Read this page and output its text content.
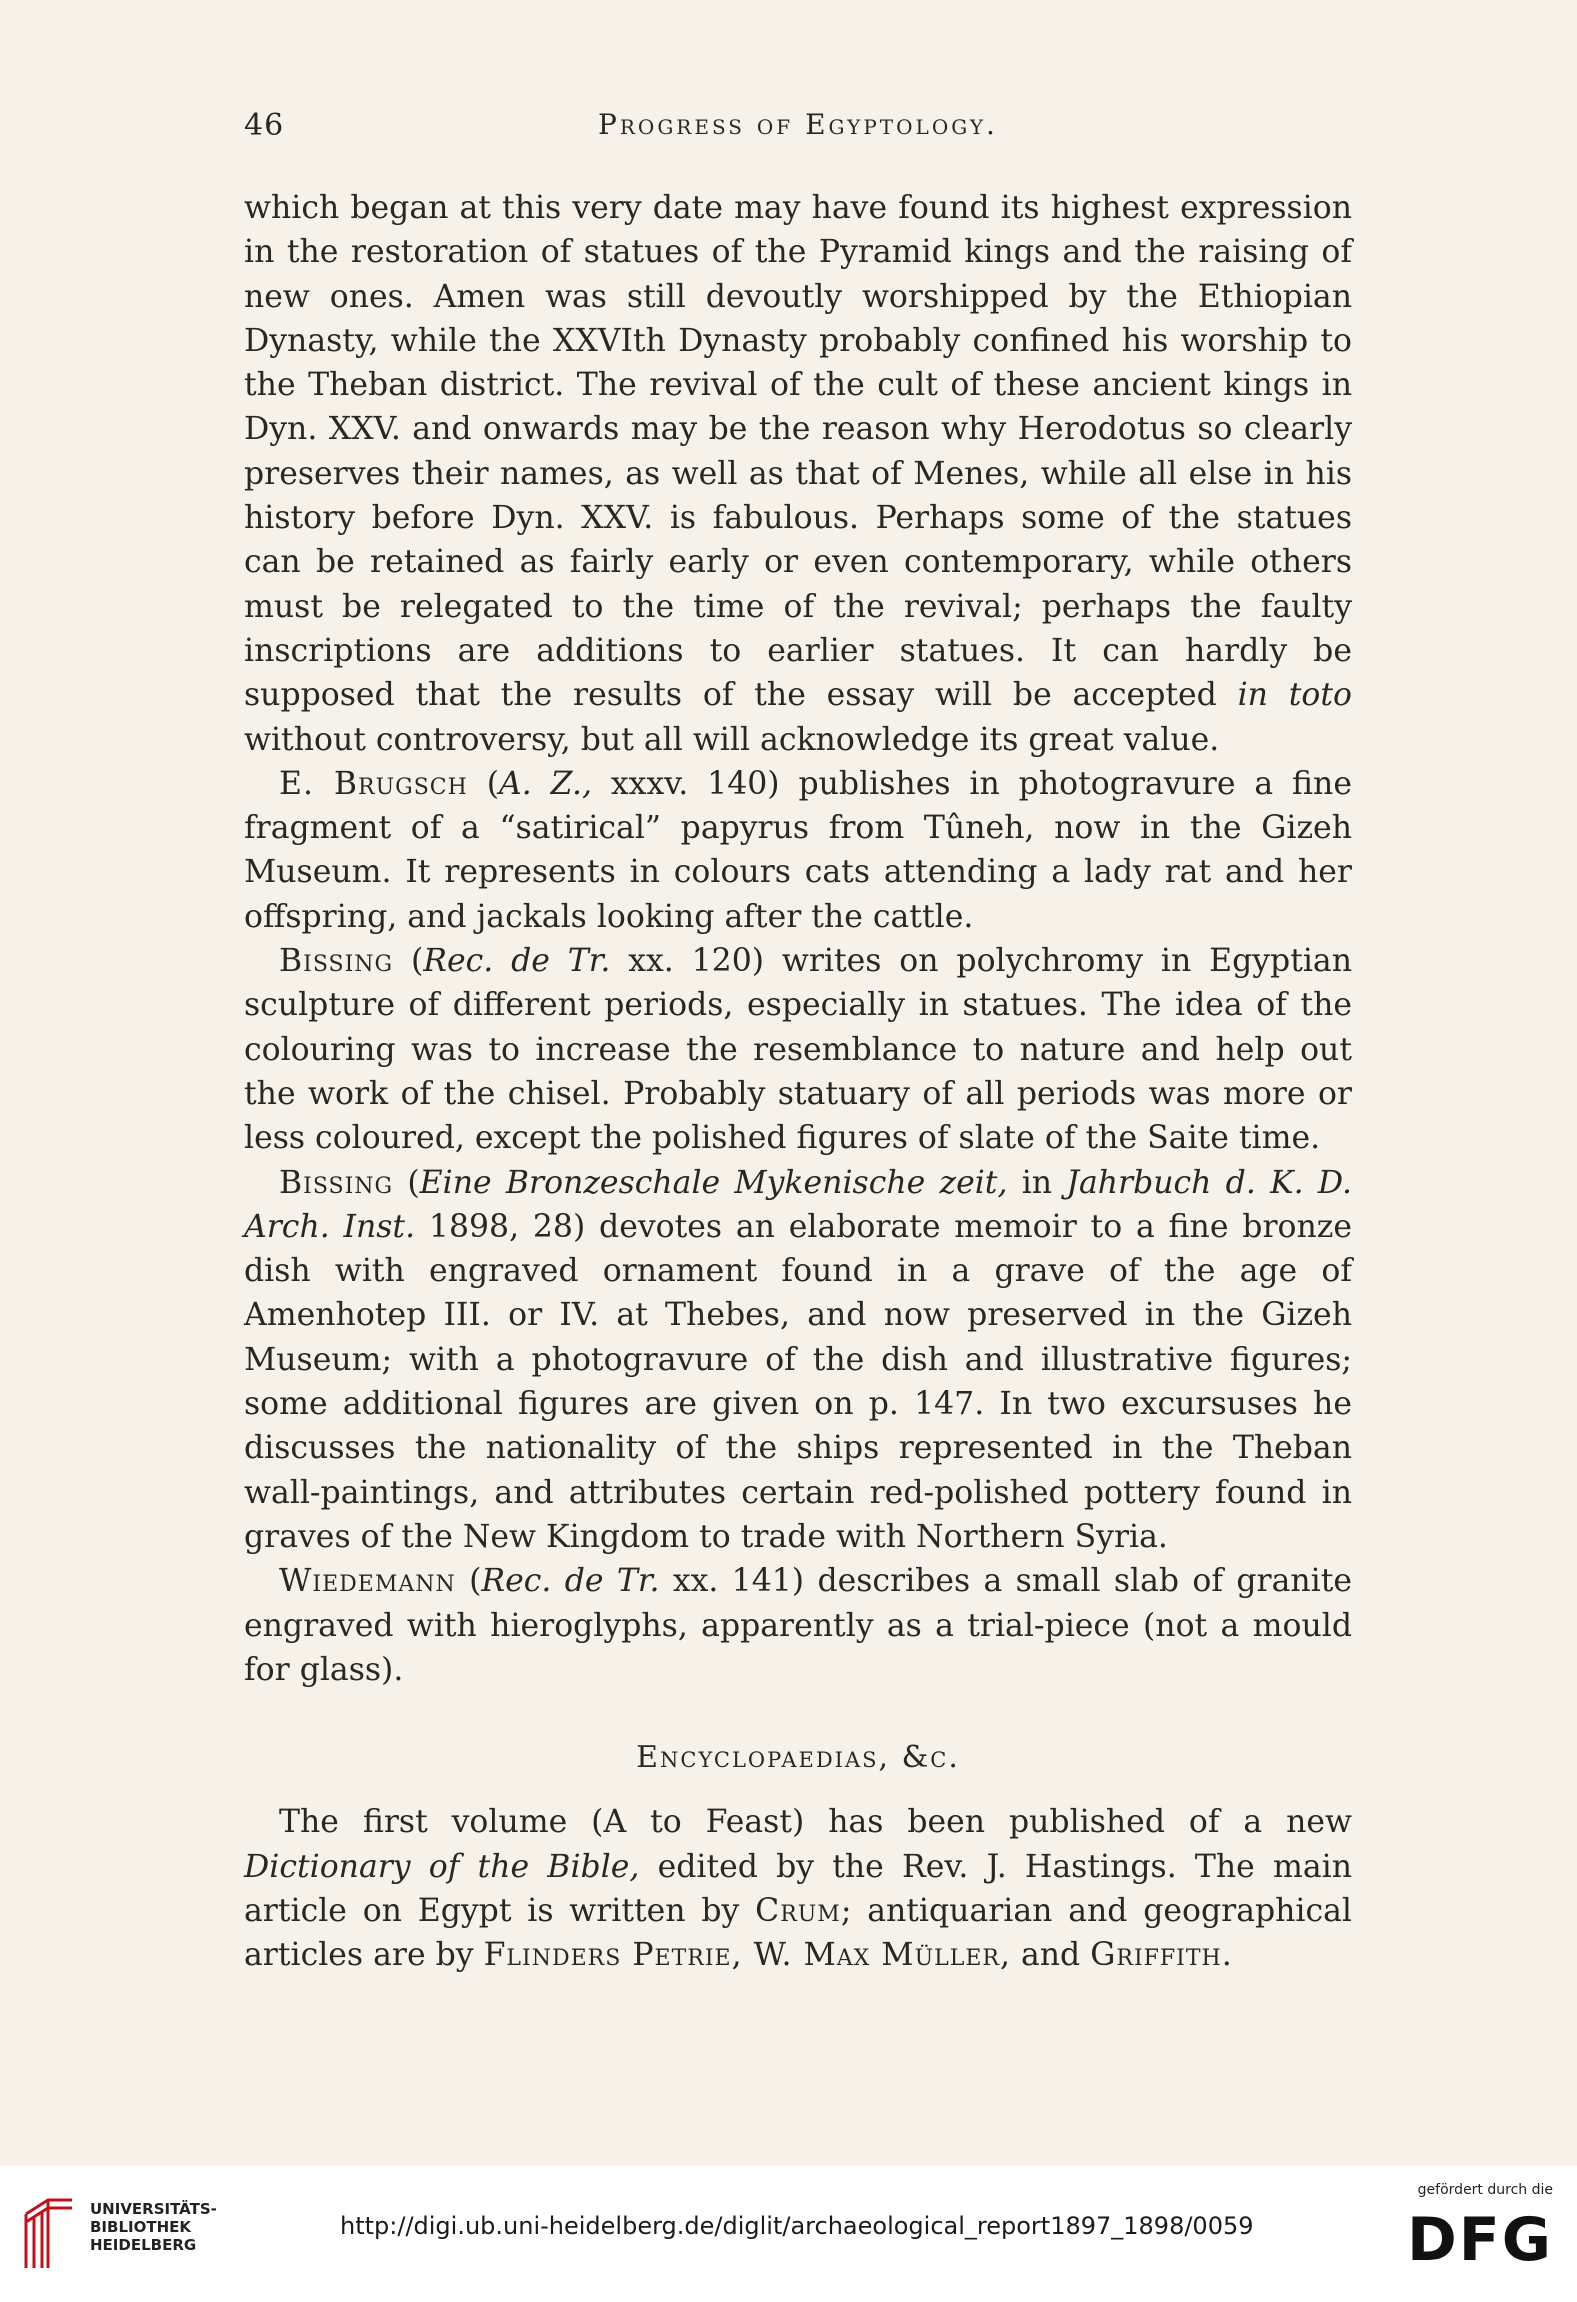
46	Progress of Egyptology.

which began at this very date may have found its highest expression in the restoration of statues of the Pyramid kings and the raising of new ones. Amen was still devoutly worshipped by the Ethiopian Dynasty, while the XXVIth Dynasty probably confined his worship to the Theban district. The revival of the cult of these ancient kings in Dyn. XXV. and onwards may be the reason why Herodotus so clearly preserves their names, as well as that of Menes, while all else in his history before Dyn. XXV. is fabulous. Perhaps some of the statues can be retained as fairly early or even contemporary, while others must be relegated to the time of the revival; perhaps the faulty inscriptions are additions to earlier statues. It can hardly be supposed that the results of the essay will be accepted in toto without controversy, but all will acknowledge its great value.

E. Brugsch (A. Z., xxxv. 140) publishes in photogravure a fine fragment of a “satirical” papyrus from Tûneh, now in the Gizeh Museum. It represents in colours cats attending a lady rat and her offspring, and jackals looking after the cattle.

Bissing (Rec. de Tr. xx. 120) writes on polychromy in Egyptian sculpture of different periods, especially in statues. The idea of the colouring was to increase the resemblance to nature and help out the work of the chisel. Probably statuary of all periods was more or less coloured, except the polished figures of slate of the Saite time.

Bissing (Eine Bronzeschale Mykenische zeit, in Jahrbuch d. K. D. Arch. Inst. 1898, 28) devotes an elaborate memoir to a fine bronze dish with engraved ornament found in a grave of the age of Amenhotep III. or IV. at Thebes, and now preserved in the Gizeh Museum; with a photogravure of the dish and illustrative figures; some additional figures are given on p. 147. In two excursuses he discusses the nationality of the ships represented in the Theban wall-paintings, and attributes certain red-polished pottery found in graves of the New Kingdom to trade with Northern Syria.

Wiedemann (Rec. de Tr. xx. 141) describes a small slab of granite engraved with hieroglyphs, apparently as a trial-piece (not a mould for glass).

Encyclopaedias, &c.

The first volume (A to Feast) has been published of a new Dictionary of the Bible, edited by the Rev. J. Hastings. The main article on Egypt is written by Crum; antiquarian and geographical articles are by Flinders Petrie, W. Max Müller, and Griffith.

UNIVERSITÄTS-
BIBLIOTHEK
HEIDELBERG
http://digi.ub.uni-heidelberg.de/diglit/archaeological_report1897_1898/0059
gefördert durch die
DFG
